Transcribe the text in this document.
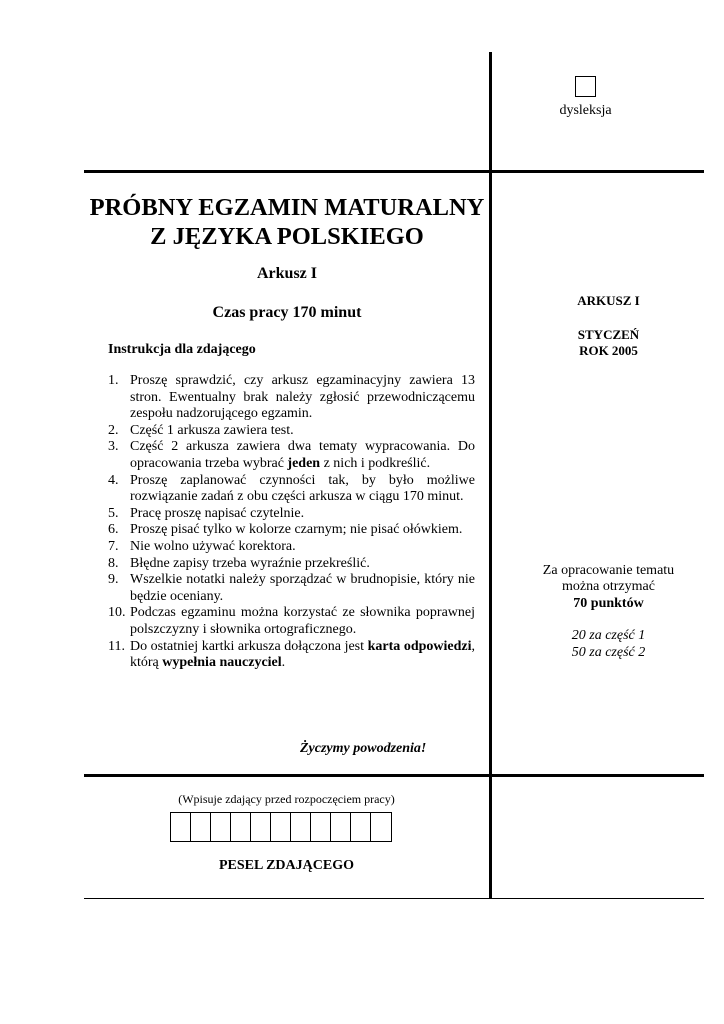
dysleksja
PRÓBNY EGZAMIN MATURALNY
Z JĘZYKA POLSKIEGO
Arkusz I
Czas pracy 170 minut
Instrukcja dla zdającego
1. Proszę sprawdzić, czy arkusz egzaminacyjny zawiera 13 stron. Ewentualny brak należy zgłosić przewodniczącemu zespołu nadzorującego egzamin.
2. Część 1 arkusza zawiera test.
3. Część 2 arkusza zawiera dwa tematy wypracowania. Do opracowania trzeba wybrać jeden z nich i podkreślić.
4. Proszę zaplanować czynności tak, by było możliwe rozwiązanie zadań z obu części arkusza w ciągu 170 minut.
5. Pracę proszę napisać czytelnie.
6. Proszę pisać tylko w kolorze czarnym; nie pisać ołówkiem.
7. Nie wolno używać korektora.
8. Błędne zapisy trzeba wyraźnie przekreślić.
9. Wszelkie notatki należy sporządzać w brudnopisie, który nie będzie oceniany.
10. Podczas egzaminu można korzystać ze słownika poprawnej polszczyzny i słownika ortograficznego.
11. Do ostatniej kartki arkusza dołączona jest karta odpowiedzi, którą wypełnia nauczyciel.
Życzymy powodzenia!
(Wpisuje zdający przed rozpoczęciem pracy)
PESEL ZDAJĄCEGO
ARKUSZ I
STYCZEŃ
ROK 2005
Za opracowanie tematu
można otrzymać
70 punktów
20 za część 1
50 za część 2
